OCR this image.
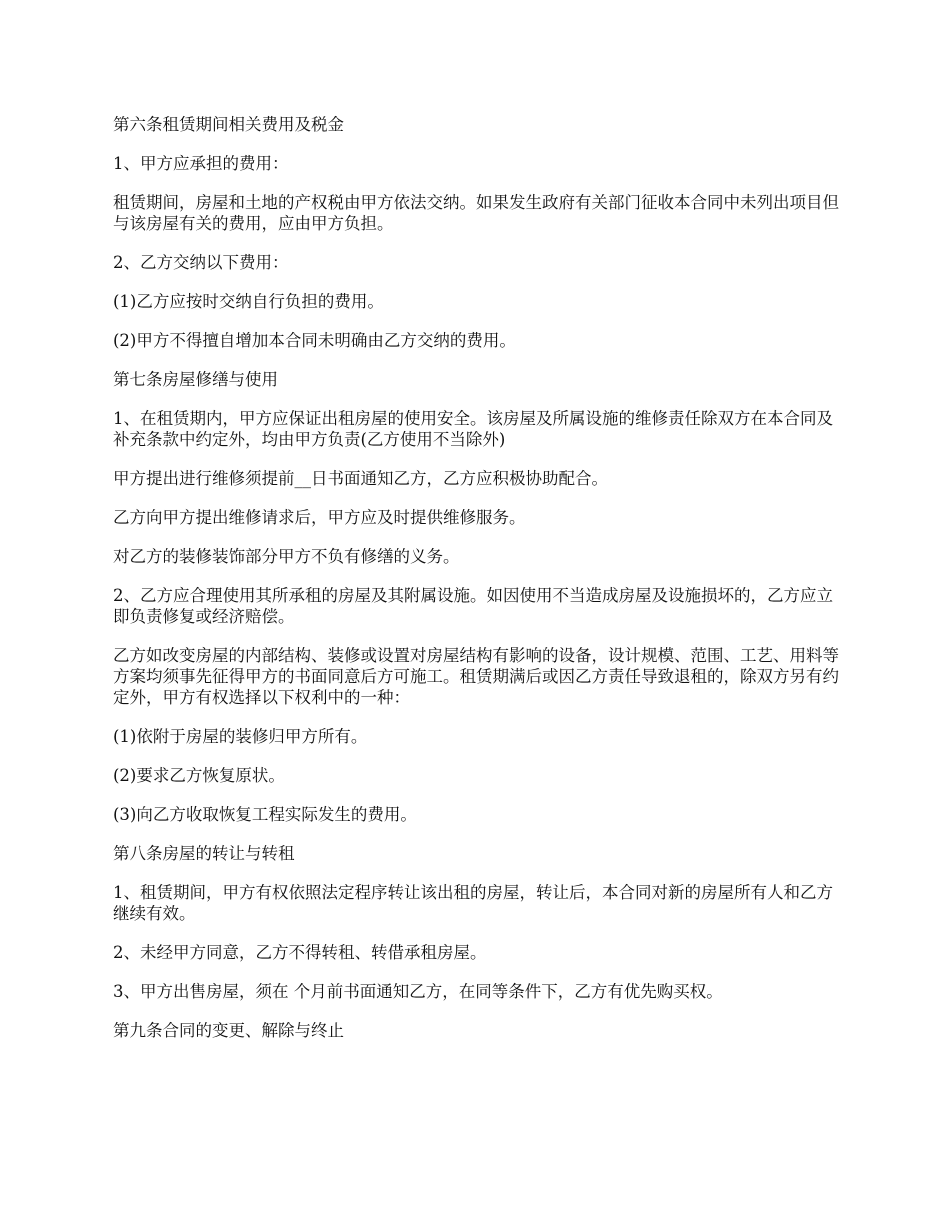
第六条租赁期间相关费用及税金

1、甲方应承担的费用：

租赁期间，房屋和土地的产权税由甲方依法交纳。如果发生政府有关部门征收本合同中未列出项目但与该房屋有关的费用，应由甲方负担。

2、乙方交纳以下费用：

(1)乙方应按时交纳自行负担的费用。

(2)甲方不得擅自增加本合同未明确由乙方交纳的费用。

第七条房屋修缮与使用

1、在租赁期内，甲方应保证出租房屋的使用安全。该房屋及所属设施的维修责任除双方在本合同及补充条款中约定外，均由甲方负责(乙方使用不当除外)

甲方提出进行维修须提前__日书面通知乙方，乙方应积极协助配合。

乙方向甲方提出维修请求后，甲方应及时提供维修服务。

对乙方的装修装饰部分甲方不负有修缮的义务。

2、乙方应合理使用其所承租的房屋及其附属设施。如因使用不当造成房屋及设施损坏的，乙方应立即负责修复或经济赔偿。

乙方如改变房屋的内部结构、装修或设置对房屋结构有影响的设备，设计规模、范围、工艺、用料等方案均须事先征得甲方的书面同意后方可施工。租赁期满后或因乙方责任导致退租的，除双方另有约定外，甲方有权选择以下权利中的一种：

(1)依附于房屋的装修归甲方所有。

(2)要求乙方恢复原状。

(3)向乙方收取恢复工程实际发生的费用。

第八条房屋的转让与转租

1、租赁期间，甲方有权依照法定程序转让该出租的房屋，转让后，本合同对新的房屋所有人和乙方继续有效。

2、未经甲方同意，乙方不得转租、转借承租房屋。

3、甲方出售房屋，须在 个月前书面通知乙方，在同等条件下，乙方有优先购买权。

第九条合同的变更、解除与终止
